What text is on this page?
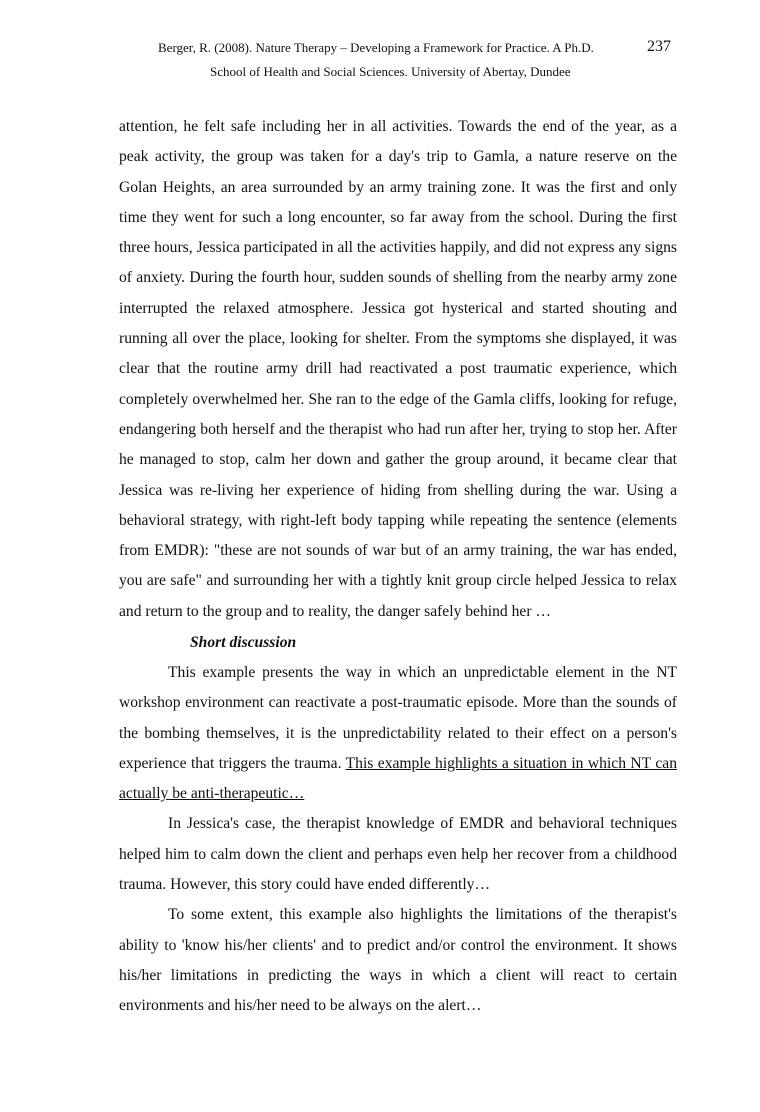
Berger, R. (2008). Nature Therapy – Developing a Framework for Practice. A Ph.D.	237
School of Health and Social Sciences. University of Abertay, Dundee

attention, he felt safe including her in all activities. Towards the end of the year, as a peak activity, the group was taken for a day's trip to Gamla, a nature reserve on the Golan Heights, an area surrounded by an army training zone. It was the first and only time they went for such a long encounter, so far away from the school. During the first three hours, Jessica participated in all the activities happily, and did not express any signs of anxiety. During the fourth hour, sudden sounds of shelling from the nearby army zone interrupted the relaxed atmosphere. Jessica got hysterical and started shouting and running all over the place, looking for shelter. From the symptoms she displayed, it was clear that the routine army drill had reactivated a post traumatic experience, which completely overwhelmed her. She ran to the edge of the Gamla cliffs, looking for refuge, endangering both herself and the therapist who had run after her, trying to stop her. After he managed to stop, calm her down and gather the group around, it became clear that Jessica was re-living her experience of hiding from shelling during the war. Using a behavioral strategy, with right-left body tapping while repeating the sentence (elements from EMDR): "these are not sounds of war but of an army training, the war has ended, you are safe" and surrounding her with a tightly knit group circle helped Jessica to relax and return to the group and to reality, the danger safely behind her …

Short discussion

This example presents the way in which an unpredictable element in the NT workshop environment can reactivate a post-traumatic episode. More than the sounds of the bombing themselves, it is the unpredictability related to their effect on a person's experience that triggers the trauma. This example highlights a situation in which NT can actually be anti-therapeutic…

In Jessica's case, the therapist knowledge of EMDR and behavioral techniques helped him to calm down the client and perhaps even help her recover from a childhood trauma. However, this story could have ended differently…

To some extent, this example also highlights the limitations of the therapist's ability to 'know his/her clients' and to predict and/or control the environment. It shows his/her limitations in predicting the ways in which a client will react to certain environments and his/her need to be always on the alert…
